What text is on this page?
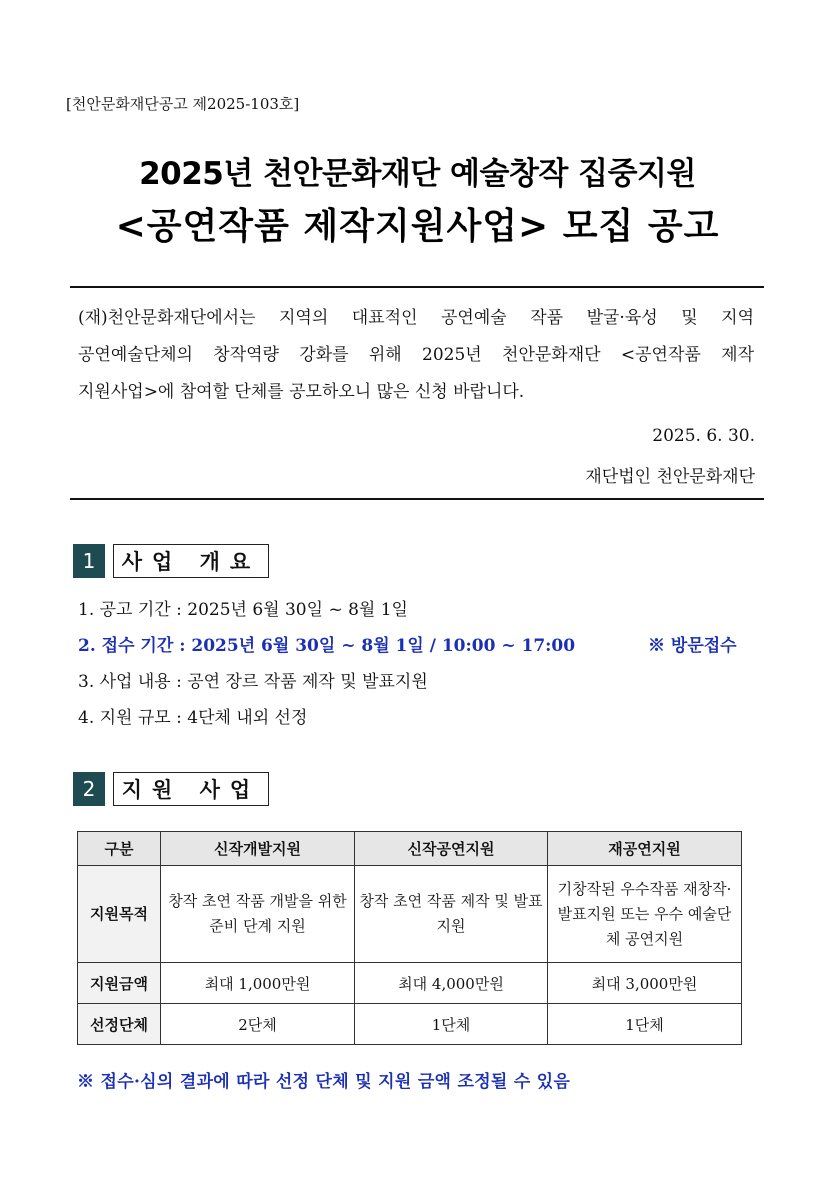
[천안문화재단공고 제2025-103호]
2025년 천안문화재단 예술창작 집중지원
<공연작품 제작지원사업> 모집 공고
(재)천안문화재단에서는 지역의 대표적인 공연예술 작품 발굴·육성 및 지역
공연예술단체의 창작역량 강화를 위해 2025년 천안문화재단 <공연작품 제작
지원사업>에 참여할 단체를 공모하오니 많은 신청 바랍니다.
2025. 6. 30.
재단법인 천안문화재단
1	사업 개요
1. 공고 기간 : 2025년 6월 30일 ~ 8월 1일
2. 접수 기간 : 2025년 6월 30일 ~ 8월 1일 / 10:00 ~ 17:00	※ 방문접수
3. 사업 내용 : 공연 장르 작품 제작 및 발표지원
4. 지원 규모 : 4단체 내외 선정
2	지원 사업
구분	신작개발지원	신작공연지원	재공연지원
지원목적	창작 초연 작품 개발을 위한 준비 단계 지원	창작 초연 작품 제작 및 발표지원	기창작된 우수작품 재창작·발표지원 또는 우수 예술단체 공연지원
지원금액	최대 1,000만원	최대 4,000만원	최대 3,000만원
선정단체	2단체	1단체	1단체
※ 접수·심의 결과에 따라 선정 단체 및 지원 금액 조정될 수 있음
